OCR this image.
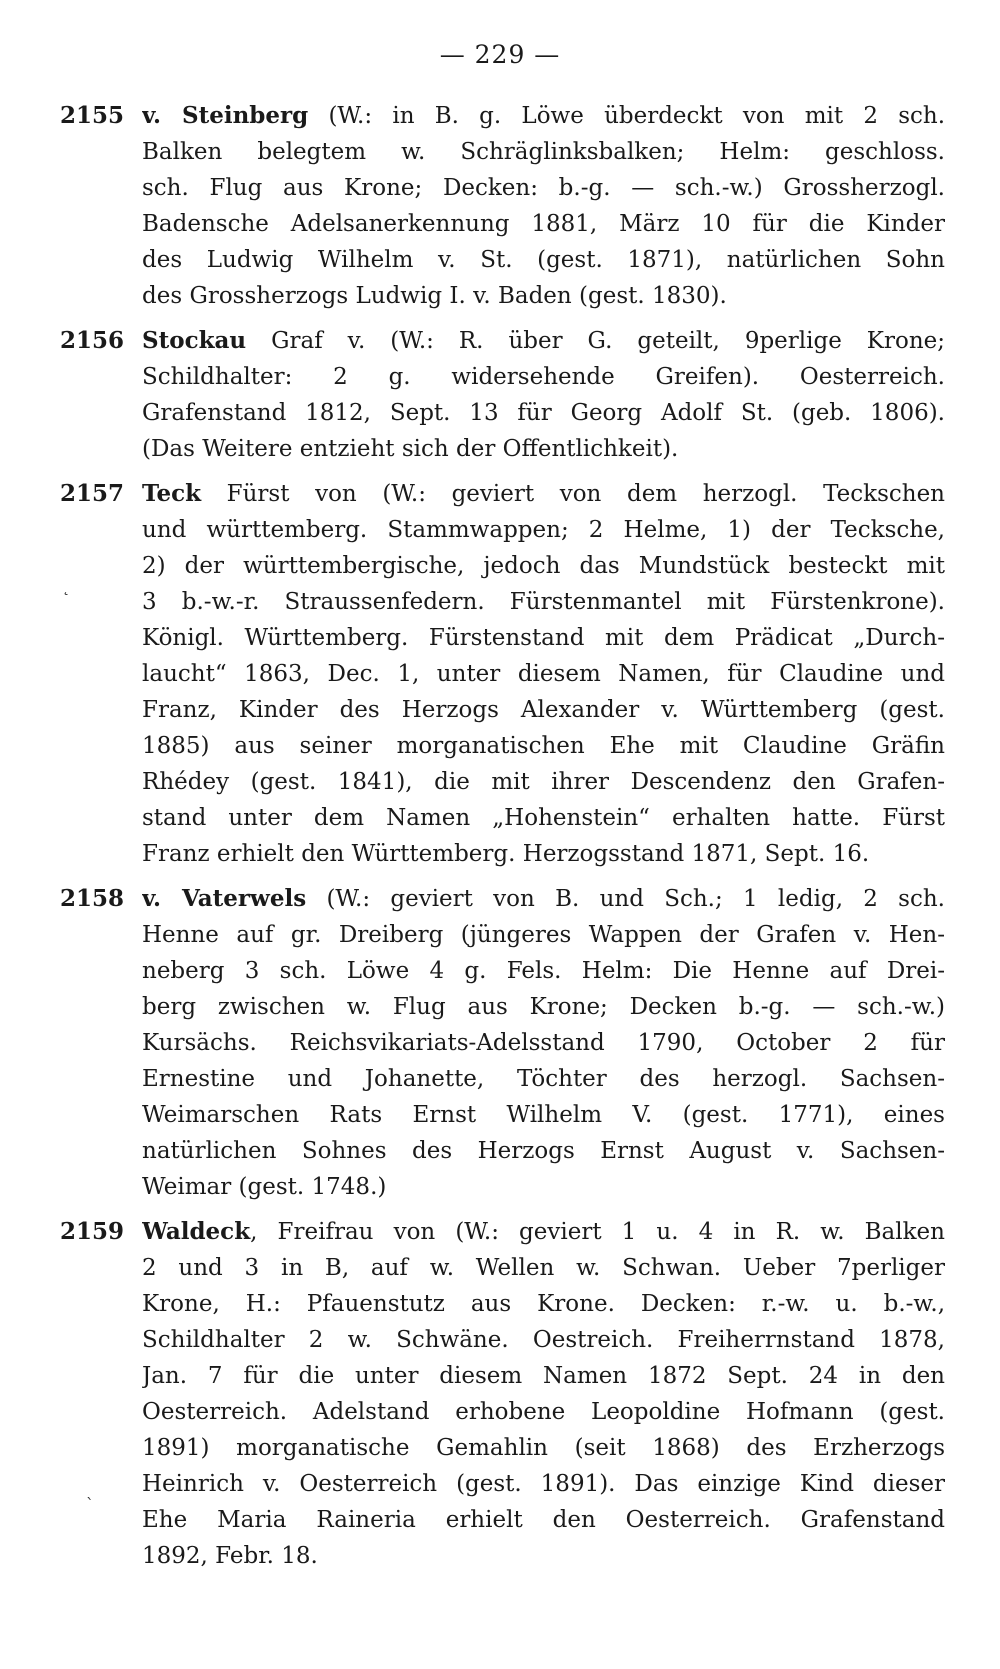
— 229 —
2155 v. Steinberg (W.: in B. g. Löwe überdeckt von mit 2 sch.
Balken belegtem w. Schräglinksbalken; Helm: geschloss.
sch. Flug aus Krone; Decken: b.-g. — sch.-w.) Grossherzogl.
Badensche Adelsanerkennung 1881, März 10 für die Kinder
des Ludwig Wilhelm v. St. (gest. 1871), natürlichen Sohn
des Grossherzogs Ludwig I. v. Baden (gest. 1830).
2156 Stockau Graf v. (W.: R. über G. geteilt, 9perlige Krone;
Schildhalter: 2 g. widersehende Greifen). Oesterreich.
Grafenstand 1812, Sept. 13 für Georg Adolf St. (geb. 1806).
(Das Weitere entzieht sich der Offentlichkeit).
2157 Teck Fürst von (W.: geviert von dem herzogl. Teckschen
und württemberg. Stammwappen; 2 Helme, 1) der Tecksche,
2) der württembergische, jedoch das Mundstück besteckt mit
3 b.-w.-r. Straussenfedern. Fürstenmantel mit Fürstenkrone).
Königl. Württemberg. Fürstenstand mit dem Prädicat „Durch-
laucht“ 1863, Dec. 1, unter diesem Namen, für Claudine und
Franz, Kinder des Herzogs Alexander v. Württemberg (gest.
1885) aus seiner morganatischen Ehe mit Claudine Gräfin
Rhédey (gest. 1841), die mit ihrer Descendenz den Grafen-
stand unter dem Namen „Hohenstein“ erhalten hatte. Fürst
Franz erhielt den Württemberg. Herzogsstand 1871, Sept. 16.
2158 v. Vaterwels (W.: geviert von B. und Sch.; 1 ledig, 2 sch.
Henne auf gr. Dreiberg (jüngeres Wappen der Grafen v. Hen-
neberg 3 sch. Löwe 4 g. Fels. Helm: Die Henne auf Drei-
berg zwischen w. Flug aus Krone; Decken b.-g. — sch.-w.)
Kursächs. Reichsvikariats-Adelsstand 1790, October 2 für
Ernestine und Johanette, Töchter des herzogl. Sachsen-
Weimarschen Rats Ernst Wilhelm V. (gest. 1771), eines
natürlichen Sohnes des Herzogs Ernst August v. Sachsen-
Weimar (gest. 1748.)
2159 Waldeck, Freifrau von (W.: geviert 1 u. 4 in R. w. Balken
2 und 3 in B, auf w. Wellen w. Schwan. Ueber 7perliger
Krone, H.: Pfauenstutz aus Krone. Decken: r.-w. u. b.-w.,
Schildhalter 2 w. Schwäne. Oestreich. Freiherrnstand 1878,
Jan. 7 für die unter diesem Namen 1872 Sept. 24 in den
Oesterreich. Adelstand erhobene Leopoldine Hofmann (gest.
1891) morganatische Gemahlin (seit 1868) des Erzherzogs
Heinrich v. Oesterreich (gest. 1891). Das einzige Kind dieser
Ehe Maria Raineria erhielt den Oesterreich. Grafenstand
1892, Febr. 18.
˛
ˋ
